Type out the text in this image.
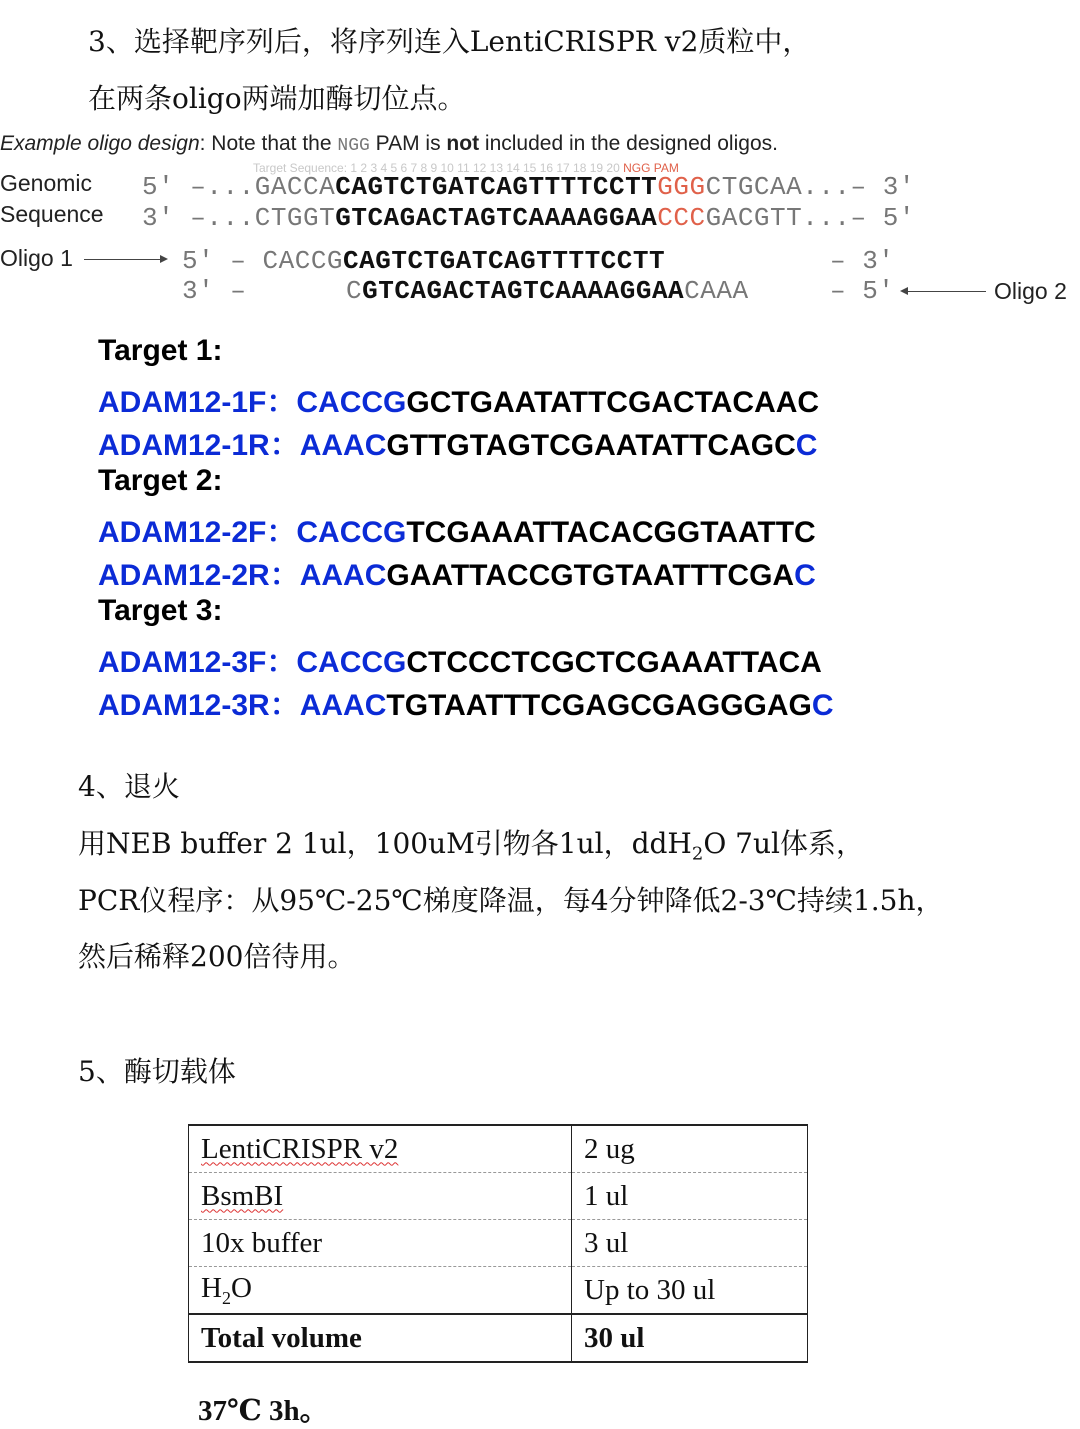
3、选择靶序列后，将序列连入LentiCRISPR v2质粒中，
在两条oligo两端加酶切位点。
Example oligo design: Note that the NGG PAM is not included in the designed oligos.
Target Sequence: 1 2 3 4 5 6 7 8 9 10 11 12 13 14 15 16 17 18 19 20 NGG PAM
Genomic
Sequence
5′ –...GACCACAGTCTGATCAGTTTTCCTTGGGCTGCAA...– 3′
3′ –...CTGGTGTCAGACTAGTCAAAAGGAACCCGACGTT...– 5′
Oligo 1	5′ – CACCGCAGTCTGATCAGTTTTCCTT	– 3′
3′ –	CGTCAGACTAGTCAAAAGGAACAAA	– 5′	Oligo 2
Target 1:
ADAM12-1F：CACCGGCTGAATATTCGACTACAAC
ADAM12-1R：AAACGTTGTAGTCGAATATTCAGCC
Target 2:
ADAM12-2F：CACCGTCGAAATTACACGGTAATTC
ADAM12-2R：AAACGAATTACCGTGTAATTTCGAC
Target 3:
ADAM12-3F：CACCGCTCCCTCGCTCGAAATTACA
ADAM12-3R：AAACTGTAATTTCGAGCGAGGGAGC
4、退火
用NEB buffer 2 1ul，100uM引物各1ul，ddH$_2$O 7ul体系，
PCR仪程序：从95℃-25℃梯度降温，每4分钟降低2-3℃持续1.5h，
然后稀释200倍待用。
5、酶切载体
LentiCRISPR v2	2 ug
BsmBI	1 ul
10x buffer	3 ul
$H_2O$	Up to 30 ul
Total volume	30 ul
37℃ 3h。
